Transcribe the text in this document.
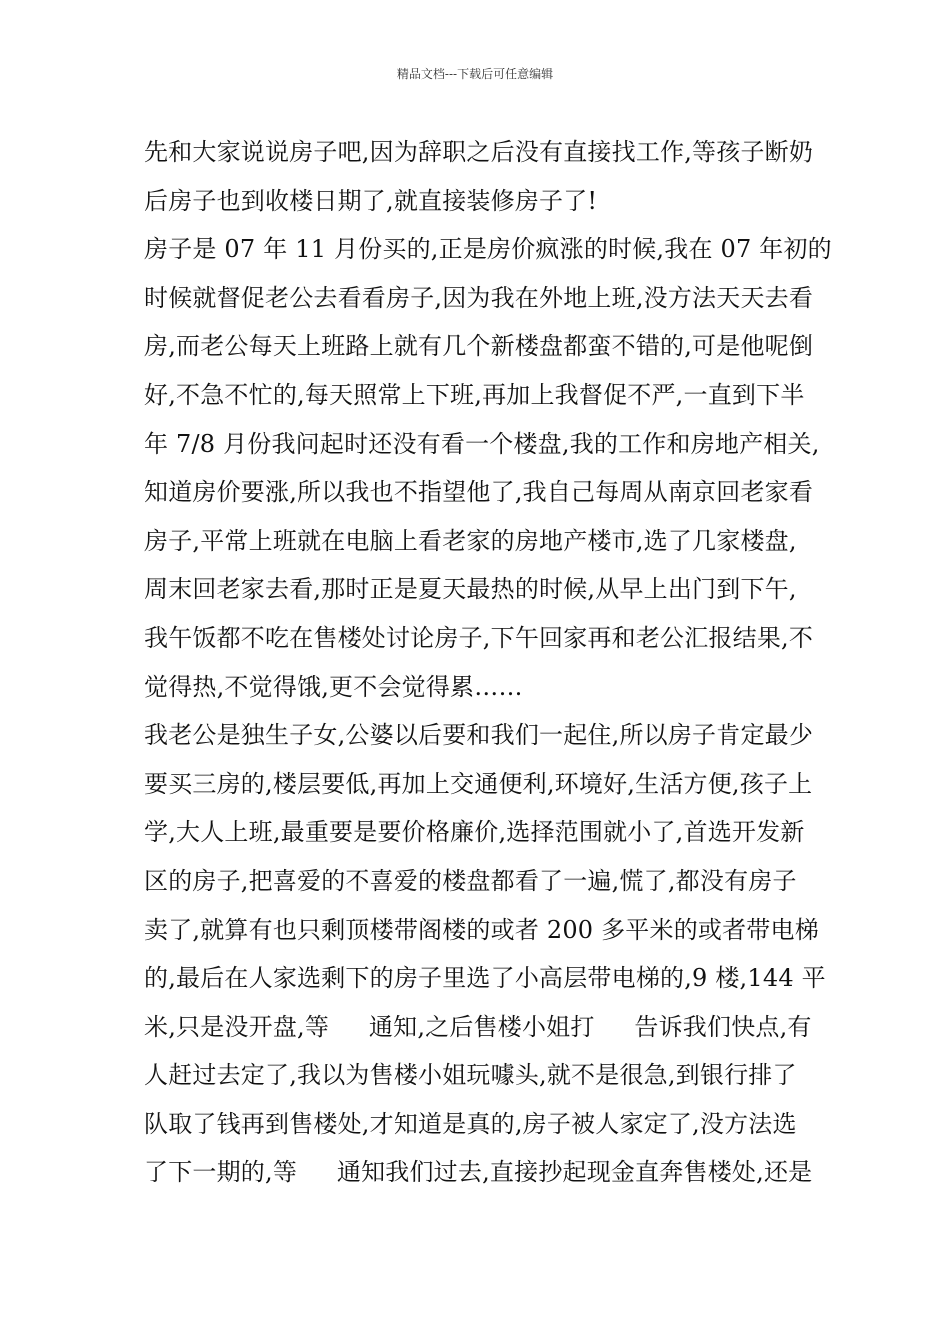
精品文档---下载后可任意编辑
先和大家说说房子吧,因为辞职之后没有直接找工作,等孩子断奶
后房子也到收楼日期了,就直接装修房子了!
房子是 07 年 11 月份买的,正是房价疯涨的时候,我在 07 年初的
时候就督促老公去看看房子,因为我在外地上班,没方法天天去看
房,而老公每天上班路上就有几个新楼盘都蛮不错的,可是他呢倒
好,不急不忙的,每天照常上下班,再加上我督促不严,一直到下半
年 7/8 月份我问起时还没有看一个楼盘,我的工作和房地产相关,
知道房价要涨,所以我也不指望他了,我自己每周从南京回老家看
房子,平常上班就在电脑上看老家的房地产楼市,选了几家楼盘,
周末回老家去看,那时正是夏天最热的时候,从早上出门到下午,
我午饭都不吃在售楼处讨论房子,下午回家再和老公汇报结果,不
觉得热,不觉得饿,更不会觉得累……
我老公是独生子女,公婆以后要和我们一起住,所以房子肯定最少
要买三房的,楼层要低,再加上交通便利,环境好,生活方便,孩子上
学,大人上班,最重要是要价格廉价,选择范围就小了,首选开发新
区的房子,把喜爱的不喜爱的楼盘都看了一遍,慌了,都没有房子
卖了,就算有也只剩顶楼带阁楼的或者 200 多平米的或者带电梯
的,最后在人家选剩下的房子里选了小高层带电梯的,9 楼,144 平
米,只是没开盘,等 　 通知,之后售楼小姐打 　 告诉我们快点,有
人赶过去定了,我以为售楼小姐玩噱头,就不是很急,到银行排了
队取了钱再到售楼处,才知道是真的,房子被人家定了,没方法选
了下一期的,等 　 通知我们过去,直接抄起现金直奔售楼处,还是
